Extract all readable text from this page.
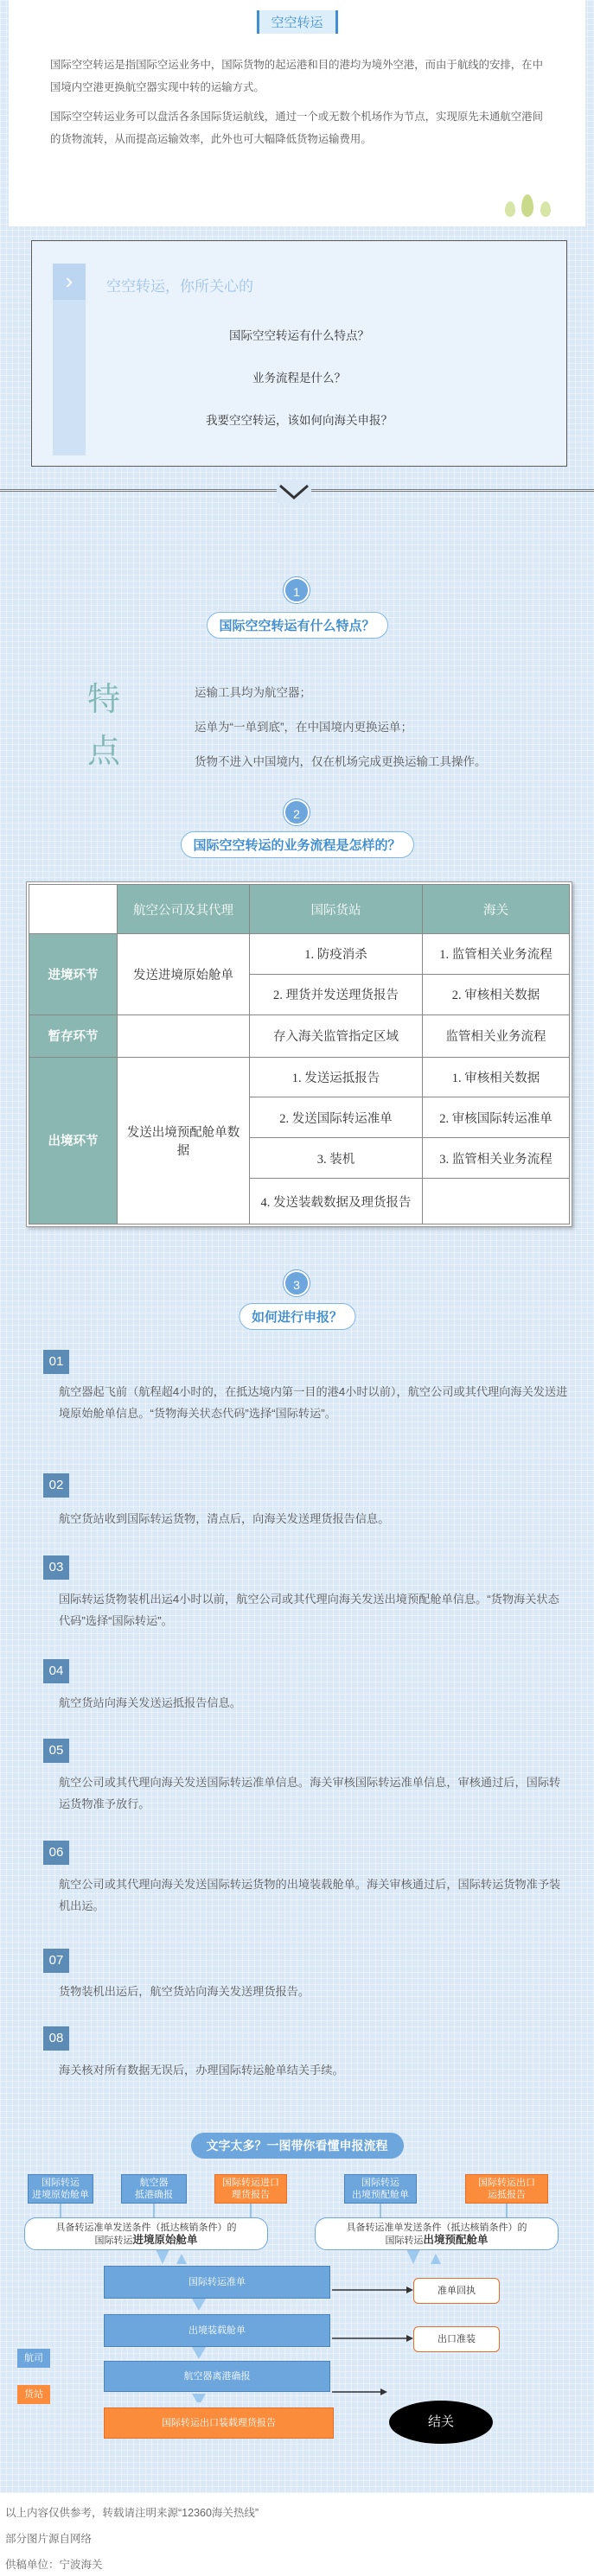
空空转运

国际空空转运是指国际空运业务中，国际货物的起运港和目的港均为境外空港，而由于航线的安排，在中国境内空港更换航空器实现中转的运输方式。

国际空空转运业务可以盘活各条国际货运航线，通过一个或无数个机场作为节点，实现原先未通航空港间的货物流转，从而提高运输效率，此外也可大幅降低货物运输费用。

›	空空转运，你所关心的
国际空空转运有什么特点？
业务流程是什么？
我要空空转运，该如何向海关申报？
1
国际空空转运有什么特点？
特点
运输工具均为航空器；
运单为“一单到底”，在中国境内更换运单；
货物不进入中国境内，仅在机场完成更换运输工具操作。
2
国际空空转运的业务流程是怎样的？
	航空公司及其代理	国际货站	海关
进境环节	发送进境原始舱单	1. 防疫消杀	1. 监管相关业务流程
		2. 理货并发送理货报告	2. 审核相关数据
暂存环节		存入海关监管指定区域	监管相关业务流程
出境环节	发送出境预配舱单数据	1. 发送运抵报告	1. 审核相关数据
		2. 发送国际转运准单	2. 审核国际转运准单
		3. 装机	3. 监管相关业务流程
		4. 发送装载数据及理货报告	
3
如何进行申报？
01
航空器起飞前（航程超4小时的，在抵达境内第一目的港4小时以前），航空公司或其代理向海关发送进境原始舱单信息。“货物海关状态代码”选择“国际转运”。
02
航空货站收到国际转运货物，清点后，向海关发送理货报告信息。
03
国际转运货物装机出运4小时以前，航空公司或其代理向海关发送出境预配舱单信息。“货物海关状态代码”选择“国际转运”。
04
航空货站向海关发送运抵报告信息。
05
航空公司或其代理向海关发送国际转运准单信息。海关审核国际转运准单信息，审核通过后，国际转运货物准予放行。
06
航空公司或其代理向海关发送国际转运货物的出境装载舱单。海关审核通过后，国际转运货物准予装机出运。
07
货物装机出运后，航空货站向海关发送理货报告。
08
海关核对所有数据无误后，办理国际转运舱单结关手续。
文字太多？一图带你看懂申报流程
国际转运
进境原始舱单
航空器
抵港确报
国际转运进口
理货报告
国际转运
出境预配舱单
国际转运出口
运抵报告
具备转运准单发送条件（抵达核销条件）的
国际转运进境原始舱单
具备转运准单发送条件（抵达核销条件）的
国际转运出境预配舱单
国际转运准单
准单回执
出境装载舱单
出口准装
航空器离港确报
航司
货站
国际转运出口装载理货报告	结关
以上内容仅供参考，转载请注明来源“12360海关热线”
部分图片源自网络
供稿单位：宁波海关
